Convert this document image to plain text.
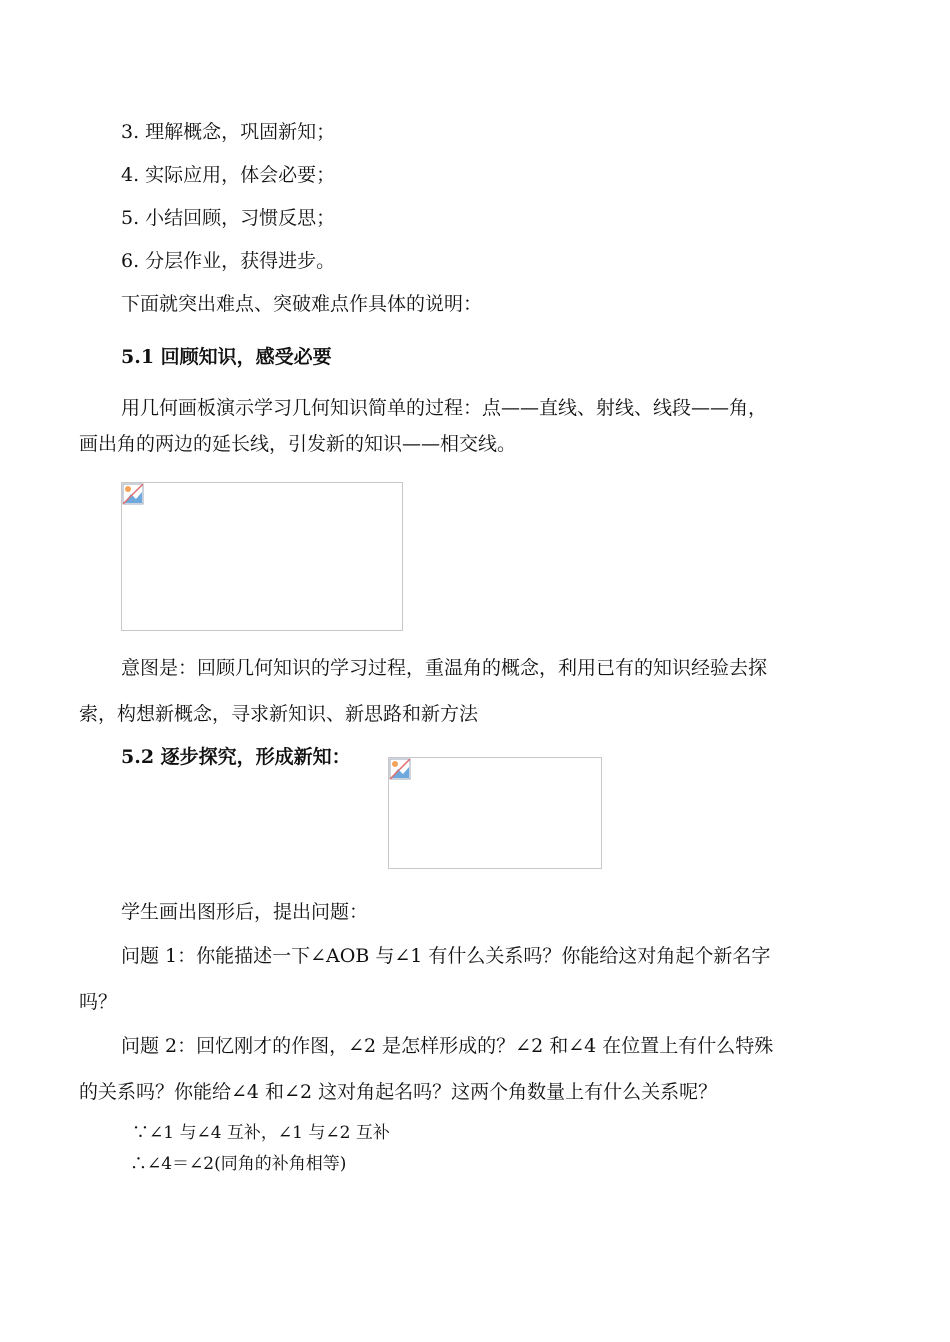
3. 理解概念，巩固新知；
4. 实际应用，体会必要；
5. 小结回顾，习惯反思；
6. 分层作业，获得进步。
下面就突出难点、突破难点作具体的说明：
5.1 回顾知识，感受必要
用几何画板演示学习几何知识简单的过程：点——直线、射线、线段——角，
画出角的两边的延长线，引发新的知识——相交线。
意图是：回顾几何知识的学习过程，重温角的概念，利用已有的知识经验去探
索，构想新概念，寻求新知识、新思路和新方法
5.2 逐步探究，形成新知：
学生画出图形后，提出问题：
问题 1：你能描述一下∠AOB 与∠1 有什么关系吗？你能给这对角起个新名字
吗？
问题 2：回忆刚才的作图，∠2 是怎样形成的？∠2 和∠4 在位置上有什么特殊
的关系吗？你能给∠4 和∠2 这对角起名吗？这两个角数量上有什么关系呢？
∵∠1 与∠4 互补，∠1 与∠2 互补
∴∠4＝∠2(同角的补角相等)
